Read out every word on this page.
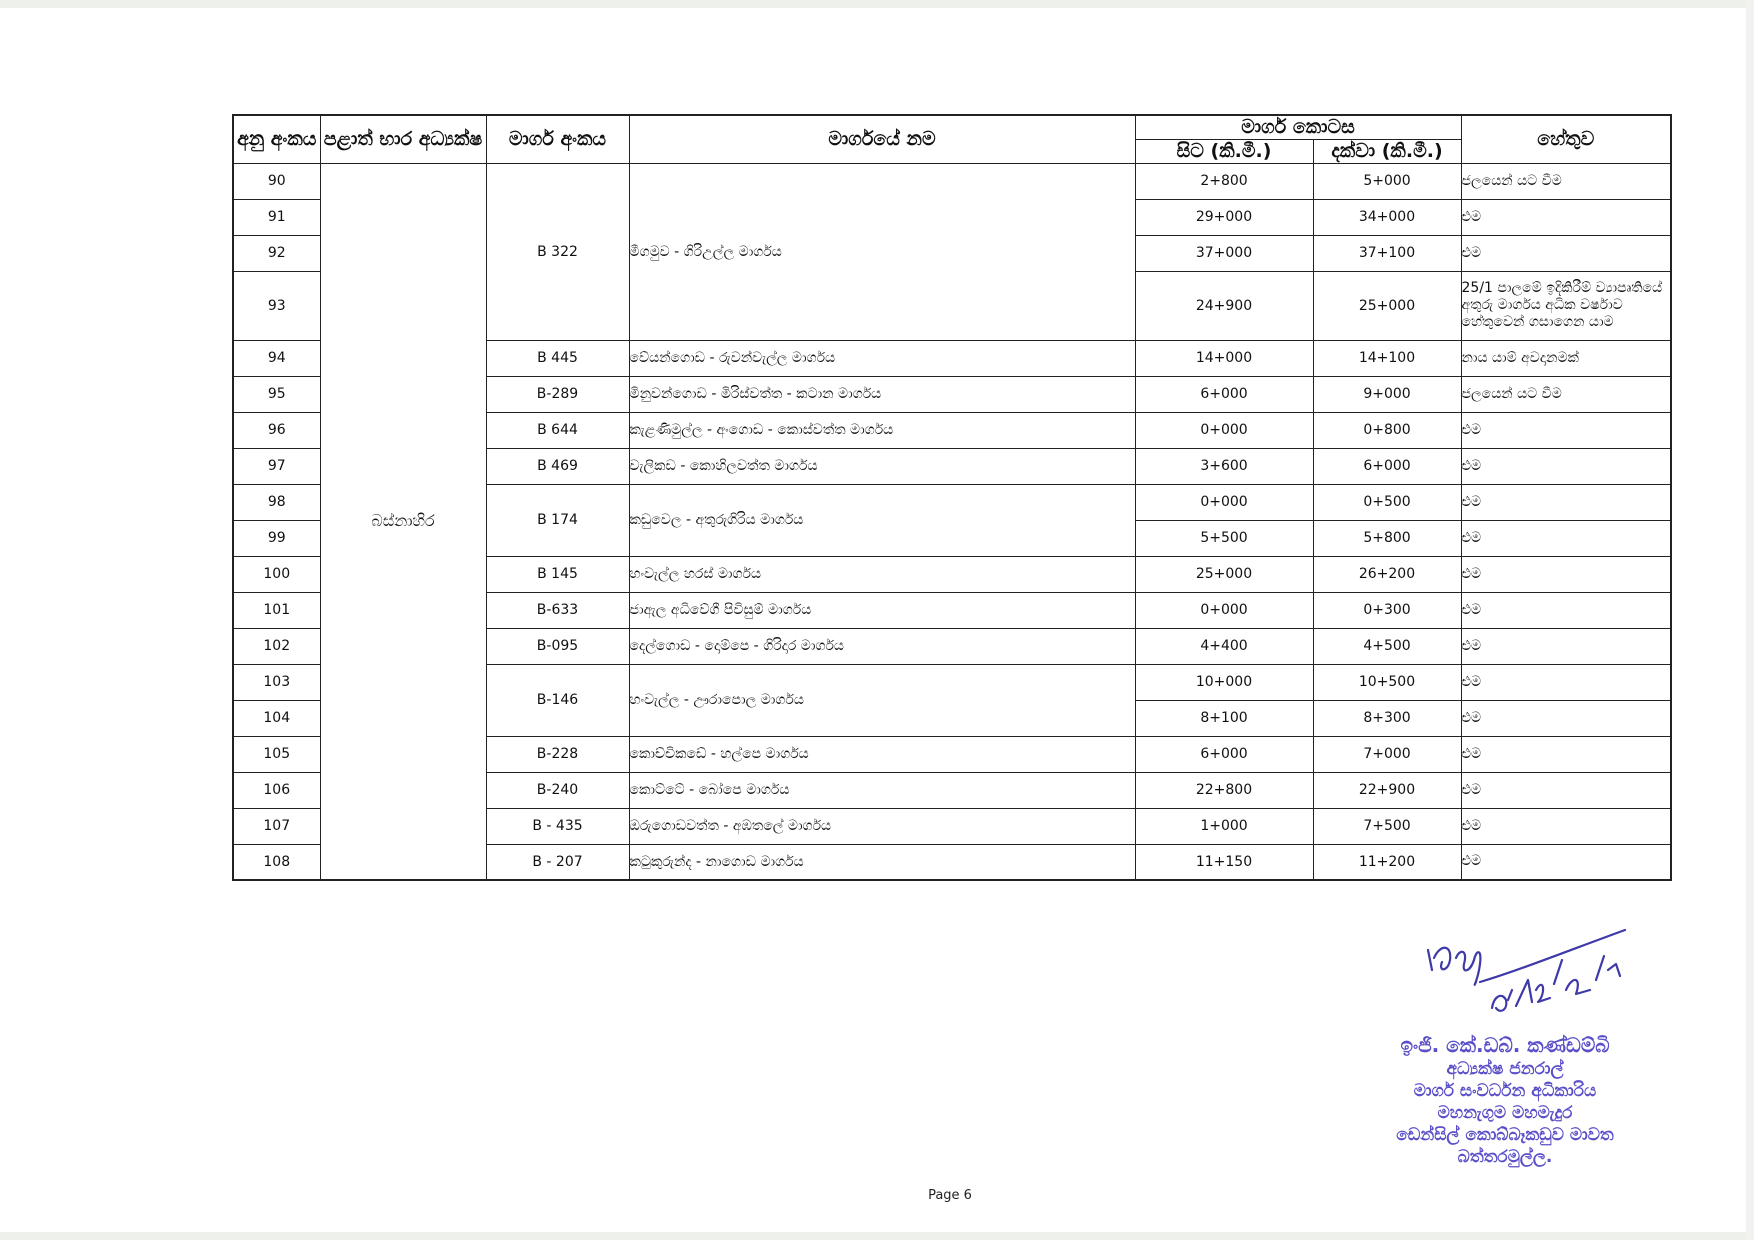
අනු අංකය	පළාත් භාර අධ්‍යක්ෂ	මාර්ග අංකය	මාර්ගයේ නම	මාර්ග කොටස		හේතුව
				සිට (කි.මී.)	දක්වා (කි.මී.)	
90	බස්නාහිර	B 322	මීගමුව - ගිරිඋල්ල මාර්ගය	2+800	5+000	ජලයෙන් යට වීම
91				29+000	34+000	එම
92				37+000	37+100	එම
93				24+900	25+000	25/1 පාලමේ ඉදිකිරීම් ව්‍යාපෘතියේ අතුරු මාර්ගය අධික වර්ෂාව හේතුවෙන් ගසාගෙන යාම
94		B 445	වේයන්ගොඩ - රුවන්වැල්ල මාර්ගය	14+000	14+100	නාය යාම් අවදානමක්
95		B-289	මිනුවන්ගොඩ - මිරිස්වත්ත - කටාන මාර්ගය	6+000	9+000	ජලයෙන් යට වීම
96		B 644	කැළණිමුල්ල - අංගොඩ - කොස්වත්ත මාර්ගය	0+000	0+800	එම
97		B 469	වැලිකඩ - කොහිලවත්ත මාර්ගය	3+600	6+000	එම
98		B 174	කඩුවෙල - අතුරුගිරිය මාර්ගය	0+000	0+500	එම
99				5+500	5+800	එම
100		B 145	හංවැල්ල හරස් මාර්ගය	25+000	26+200	එම
101		B-633	ජාඇල අධිවේගී පිවිසුම් මාර්ගය	0+000	0+300	එම
102		B-095	දෙල්ගොඩ - දොම්පෙ - ගිරිදාර මාර්ගය	4+400	4+500	එම
103		B-146	හංවැල්ල - ඌරාපොල මාර්ගය	10+000	10+500	එම
104				8+100	8+300	එම
105		B-228	කොච්චිකඩේ - හල්පෙ මාර්ගය	6+000	7+000	එම
106		B-240	කොට්ටේ - බෝපෙ මාර්ගය	22+800	22+900	එම
107		B - 435	ඔරුගොඩවත්ත - අඹතලේ මාර්ගය	1+000	7+500	එම
108		B - 207	කටුකුරුන්ද - නාගොඩ මාර්ගය	11+150	11+200	එම
ඉංජි. කේ.ඩබ්. කණ්ඩම්බි
අධ්‍යක්ෂ ජනරාල්
මාර්ග සංවර්ධන අධිකාරිය
මහනැගුම මහමැදුර
ඩෙන්සිල් කොබ්බෑකඩුව මාවත
බත්තරමුල්ල.
Page 6
